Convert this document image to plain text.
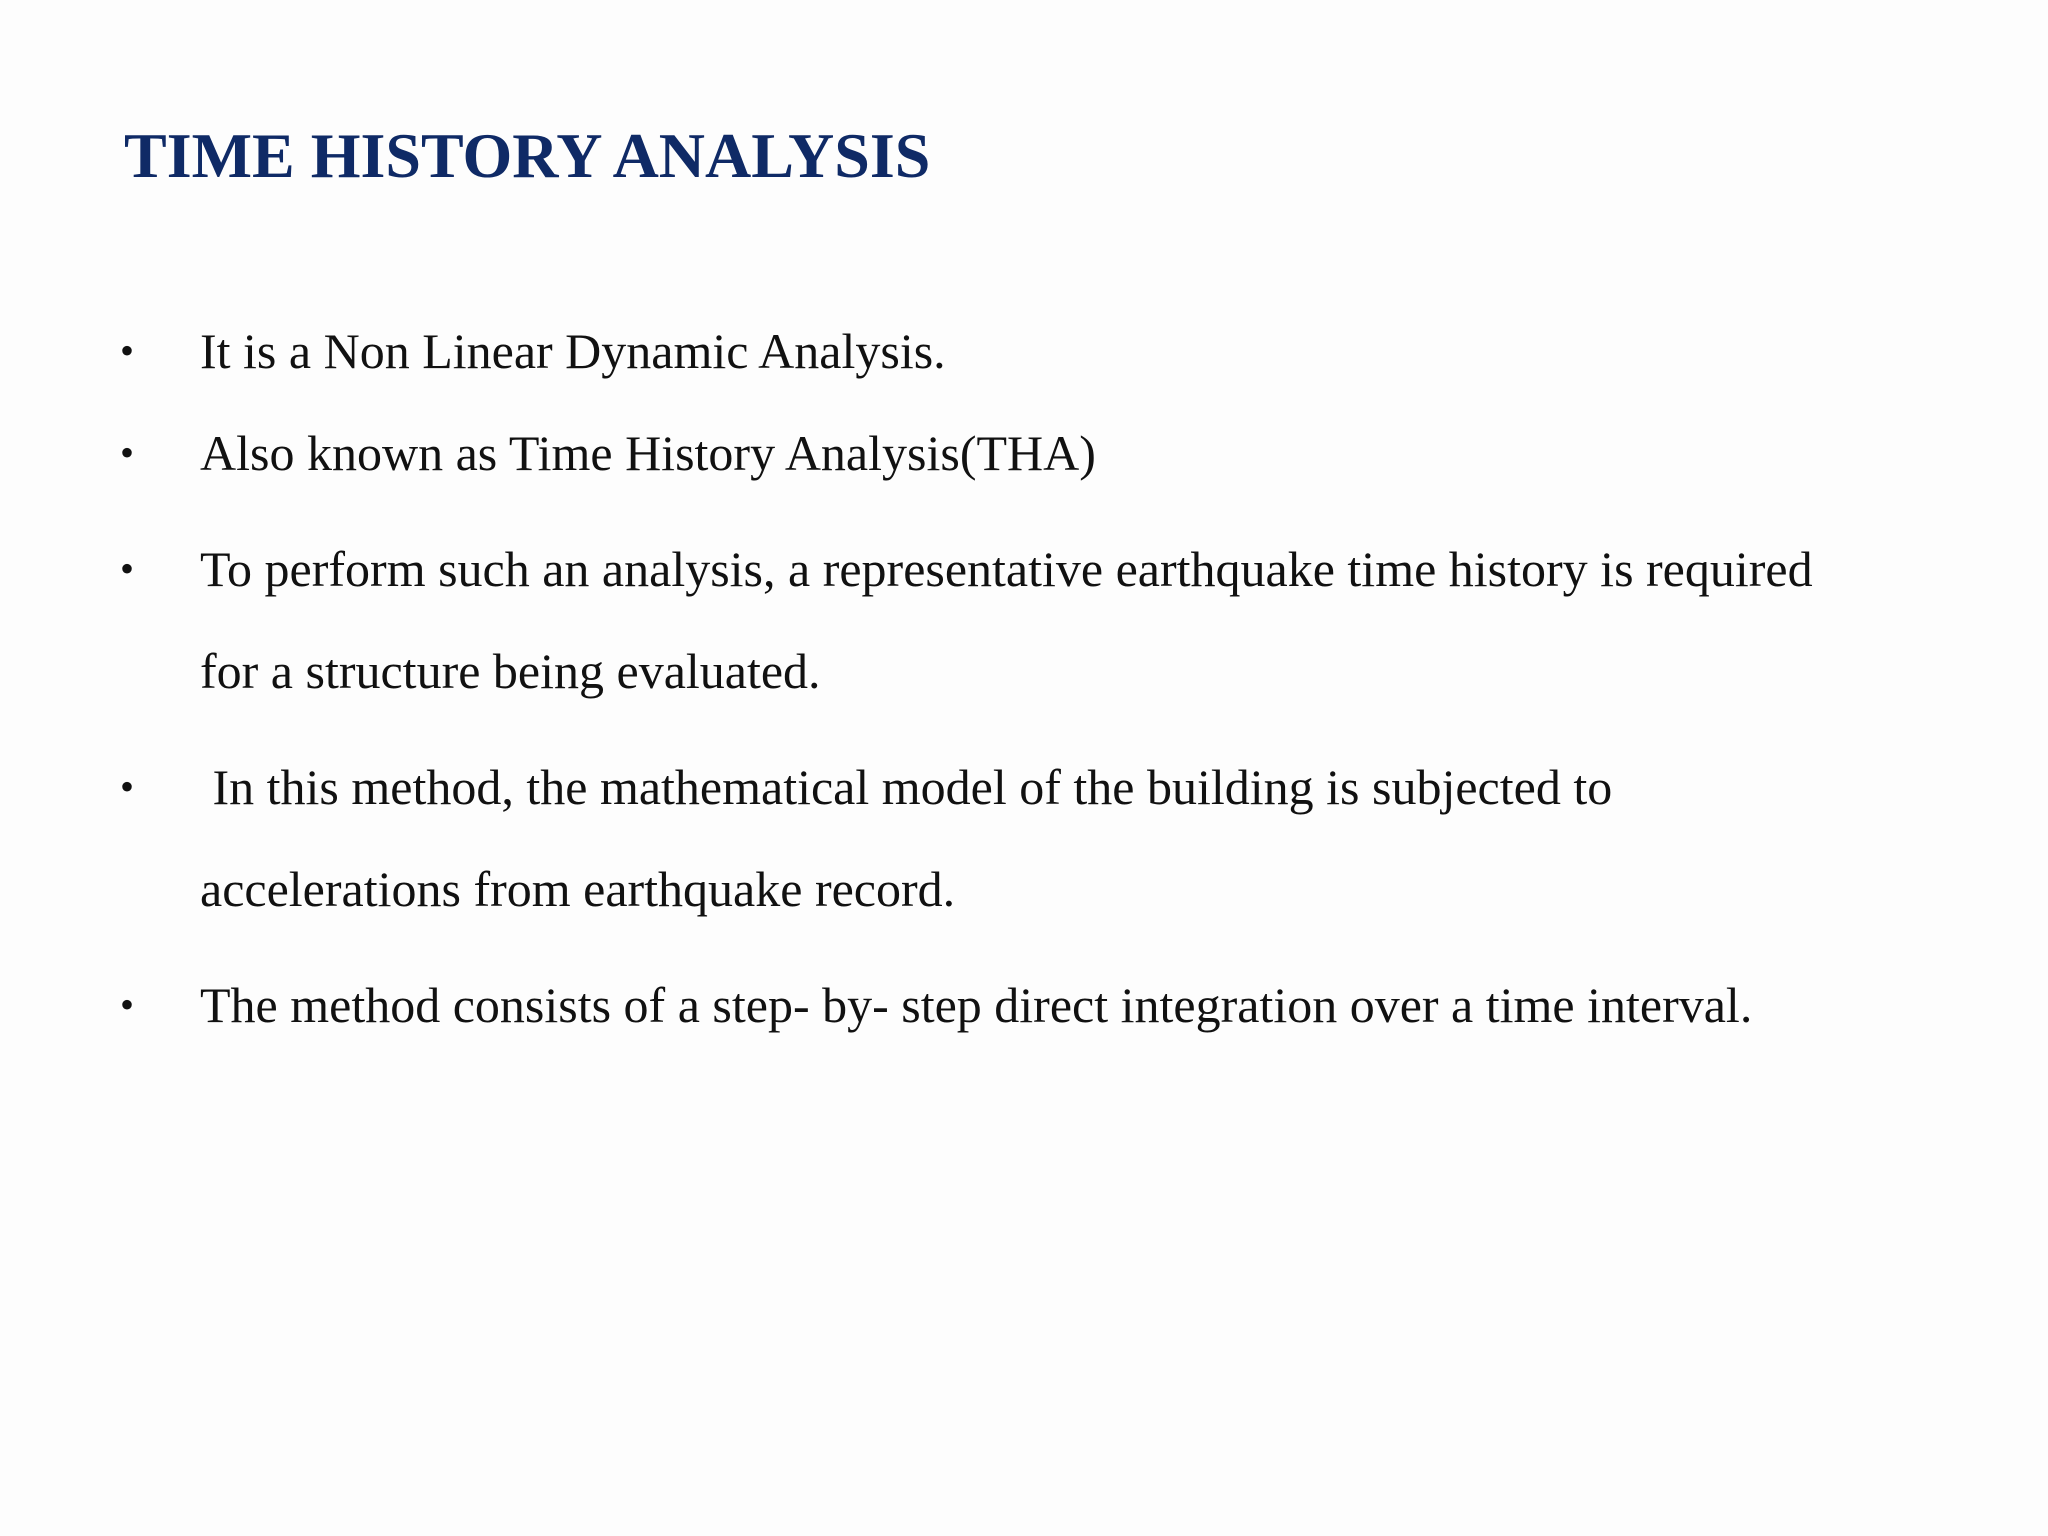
TIME HISTORY ANALYSIS
•	It is a Non Linear Dynamic Analysis.
•	Also known as Time History Analysis(THA)
•	To perform such an analysis, a representative earthquake time history is required for a structure being evaluated.
•	In this method, the mathematical model of the building is subjected to accelerations from earthquake record.
•	The method consists of a step- by- step direct integration over a time interval.
